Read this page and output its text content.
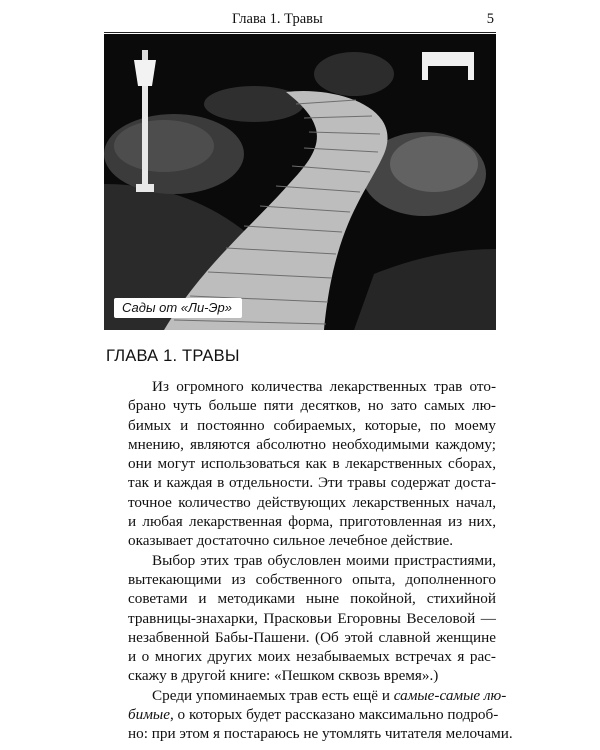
Глава 1. Травы	5
Сады от «Ли-Эр»
ГЛАВА 1. ТРАВЫ

Из огромного количества лекарственных трав ото-
брано чуть больше пяти десятков, но зато самых лю-
бимых и постоянно собираемых, которые, по моему
мнению, являются абсолютно необходимыми каждому;
они могут использоваться как в лекарственных сборах,
так и каждая в отдельности. Эти травы содержат доста-
точное количество действующих лекарственных начал,
и любая лекарственная форма, приготовленная из них,
оказывает достаточно сильное лечебное действие.

Выбор этих трав обусловлен моими пристрастиями,
вытекающими из собственного опыта, дополненного
советами и методиками ныне покойной, стихийной
травницы-знахарки, Прасковьи Егоровны Веселовой —
незабвенной Бабы-Пашени. (Об этой славной женщине
и о многих других моих незабываемых встречах я рас-
скажу в другой книге: «Пешком сквозь время».)

Среди упоминаемых трав есть ещё и самые-самые лю-
бимые, о которых будет рассказано максимально подроб-
но: при этом я постараюсь не утомлять читателя мелочами.
